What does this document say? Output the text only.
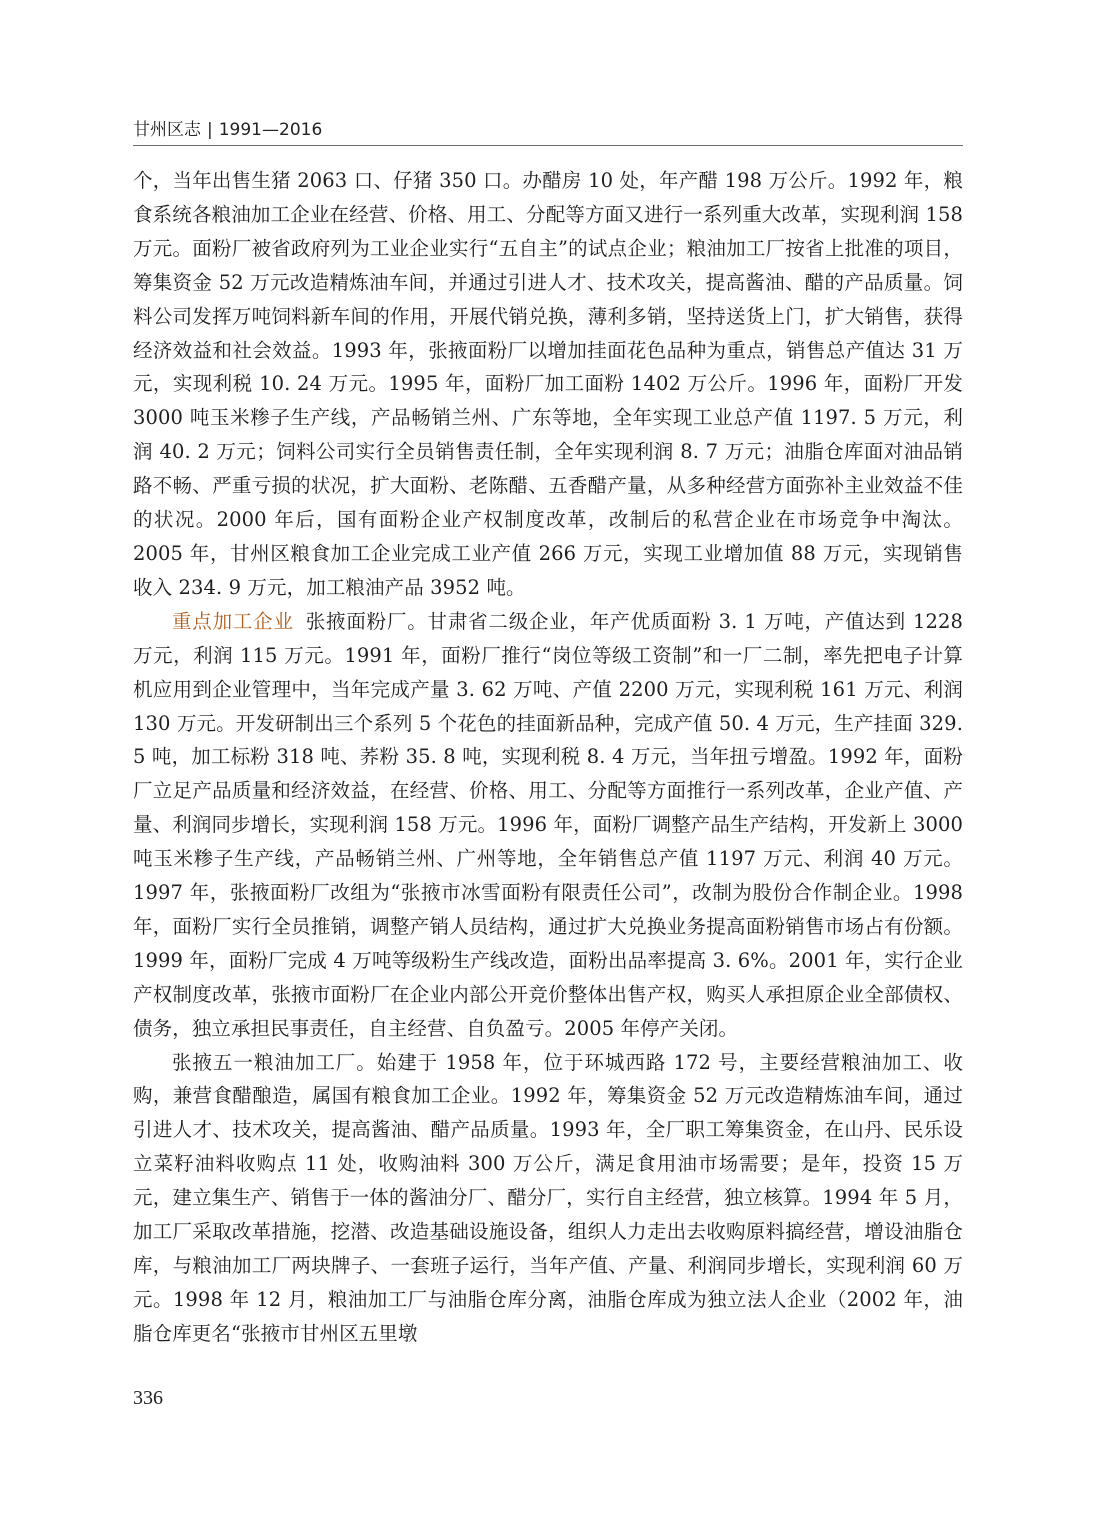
甘州区志 | 1991—2016

个，当年出售生猪 2063 口、仔猪 350 口。办醋房 10 处，年产醋 198 万公斤。1992 年，粮食系统各粮油加工企业在经营、价格、用工、分配等方面又进行一系列重大改革，实现利润 158 万元。面粉厂被省政府列为工业企业实行“五自主”的试点企业；粮油加工厂按省上批准的项目，筹集资金 52 万元改造精炼油车间，并通过引进人才、技术攻关，提高酱油、醋的产品质量。饲料公司发挥万吨饲料新车间的作用，开展代销兑换，薄利多销，坚持送货上门，扩大销售，获得经济效益和社会效益。1993 年，张掖面粉厂以增加挂面花色品种为重点，销售总产值达 31 万元，实现利税 10. 24 万元。1995 年，面粉厂加工面粉 1402 万公斤。1996 年，面粉厂开发 3000 吨玉米糁子生产线，产品畅销兰州、广东等地，全年实现工业总产值 1197. 5 万元，利润 40. 2 万元；饲料公司实行全员销售责任制，全年实现利润 8. 7 万元；油脂仓库面对油品销路不畅、严重亏损的状况，扩大面粉、老陈醋、五香醋产量，从多种经营方面弥补主业效益不佳的状况。2000 年后，国有面粉企业产权制度改革，改制后的私营企业在市场竞争中淘汰。2005 年，甘州区粮食加工企业完成工业产值 266 万元，实现工业增加值 88 万元，实现销售收入 234. 9 万元，加工粮油产品 3952 吨。

重点加工企业 张掖面粉厂。甘肃省二级企业，年产优质面粉 3. 1 万吨，产值达到 1228 万元，利润 115 万元。1991 年，面粉厂推行“岗位等级工资制”和一厂二制，率先把电子计算机应用到企业管理中，当年完成产量 3. 62 万吨、产值 2200 万元，实现利税 161 万元、利润 130 万元。开发研制出三个系列 5 个花色的挂面新品种，完成产值 50. 4 万元，生产挂面 329. 5 吨，加工标粉 318 吨、荞粉 35. 8 吨，实现利税 8. 4 万元，当年扭亏增盈。1992 年，面粉厂立足产品质量和经济效益，在经营、价格、用工、分配等方面推行一系列改革，企业产值、产量、利润同步增长，实现利润 158 万元。1996 年，面粉厂调整产品生产结构，开发新上 3000 吨玉米糁子生产线，产品畅销兰州、广州等地，全年销售总产值 1197 万元、利润 40 万元。1997 年，张掖面粉厂改组为“张掖市冰雪面粉有限责任公司”，改制为股份合作制企业。1998 年，面粉厂实行全员推销，调整产销人员结构，通过扩大兑换业务提高面粉销售市场占有份额。1999 年，面粉厂完成 4 万吨等级粉生产线改造，面粉出品率提高 3. 6%。2001 年，实行企业产权制度改革，张掖市面粉厂在企业内部公开竞价整体出售产权，购买人承担原企业全部债权、债务，独立承担民事责任，自主经营、自负盈亏。2005 年停产关闭。

张掖五一粮油加工厂。始建于 1958 年，位于环城西路 172 号，主要经营粮油加工、收购，兼营食醋酿造，属国有粮食加工企业。1992 年，筹集资金 52 万元改造精炼油车间，通过引进人才、技术攻关，提高酱油、醋产品质量。1993 年，全厂职工筹集资金，在山丹、民乐设立菜籽油料收购点 11 处，收购油料 300 万公斤，满足食用油市场需要；是年，投资 15 万元，建立集生产、销售于一体的酱油分厂、醋分厂，实行自主经营，独立核算。1994 年 5 月，加工厂采取改革措施，挖潜、改造基础设施设备，组织人力走出去收购原料搞经营，增设油脂仓库，与粮油加工厂两块牌子、一套班子运行，当年产值、产量、利润同步增长，实现利润 60 万元。1998 年 12 月，粮油加工厂与油脂仓库分离，油脂仓库成为独立法人企业（2002 年，油脂仓库更名“张掖市甘州区五里墩

336
